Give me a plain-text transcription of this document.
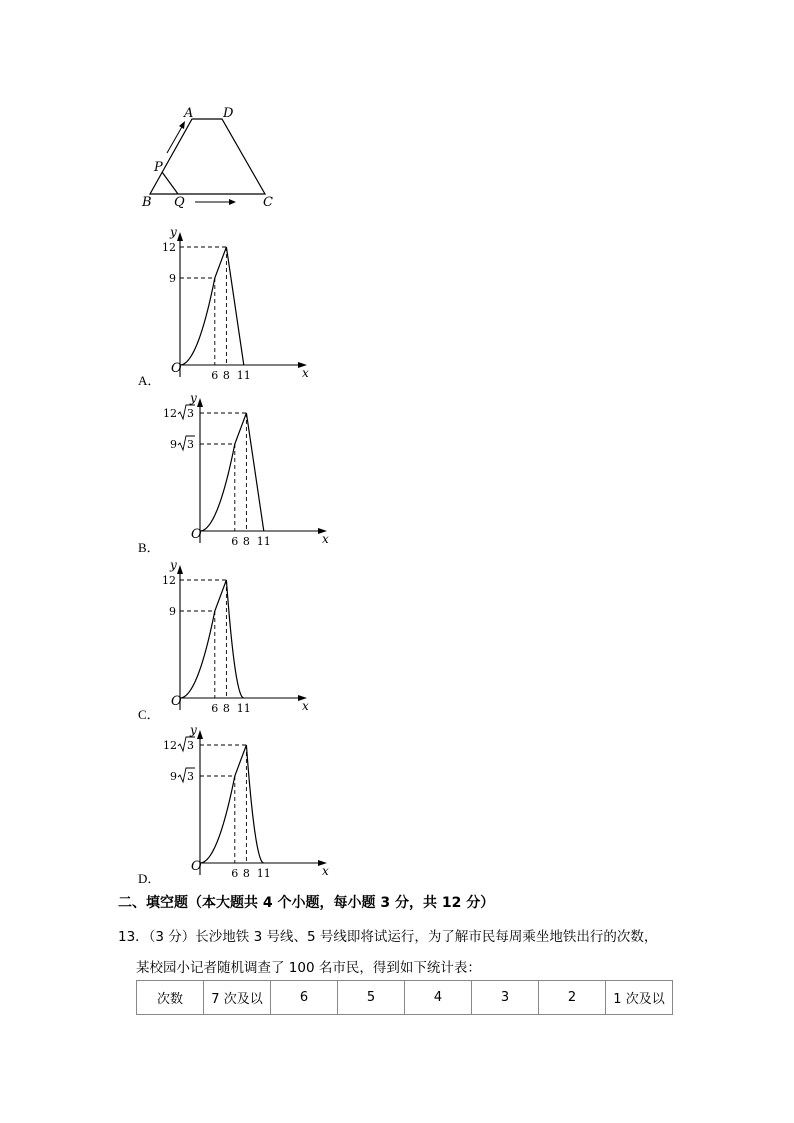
A D
P
B Q	C
A．
O	x
y
6 8 11
12
9
B．
O	x
y
6 8 11
12 3
9 3
C．
O	x
y
6 8 11
12
9
D．
O	x
y
6 8 11
12 3
9 3
二、填空题（本大题共 4 个小题，每小题 3 分，共 12 分）
13．（3 分）长沙地铁 3 号线、5 号线即将试运行，为了解市民每周乘坐地铁出行的次数，
某校园小记者随机调查了 100 名市民，得到如下统计表：
次数	7 次及以	6	5	4	3	2	1 次及以
